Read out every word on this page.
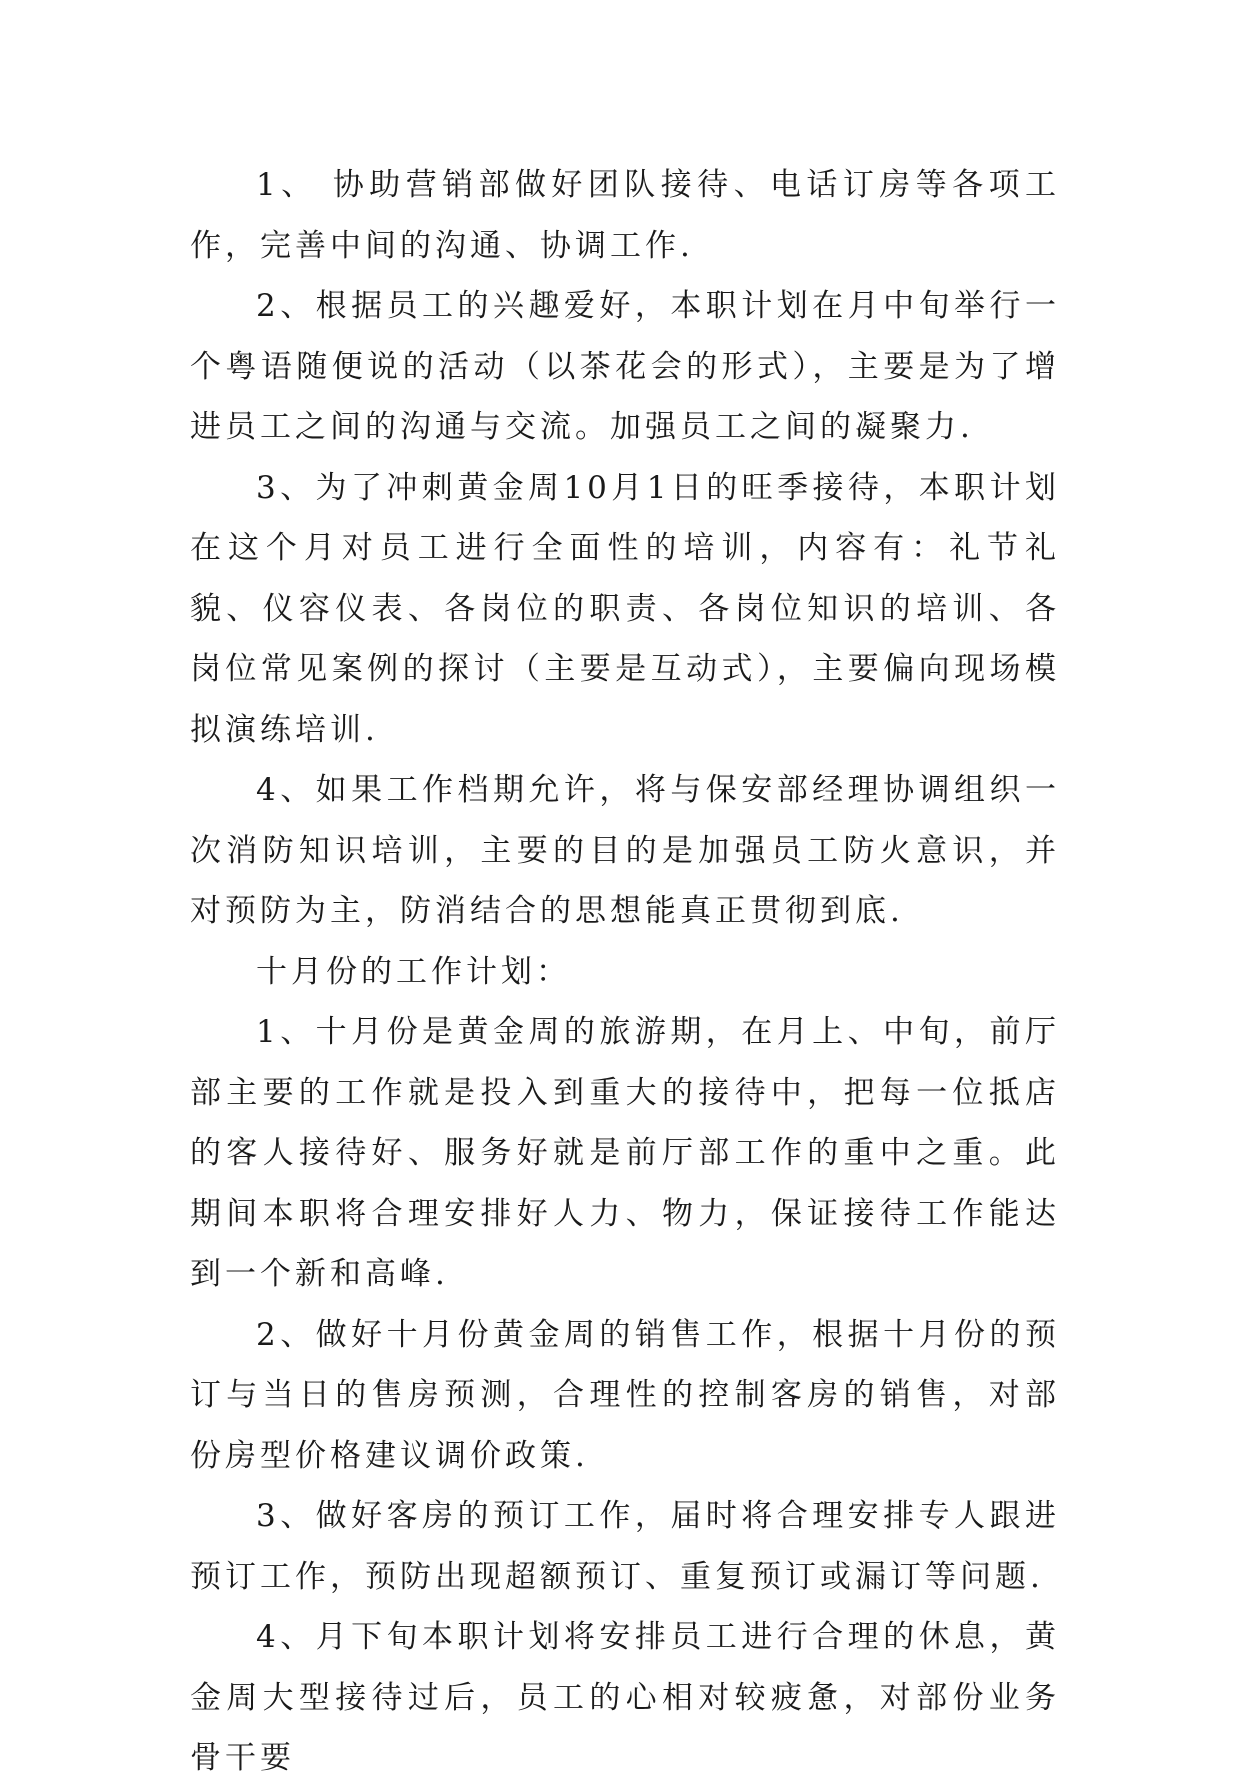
1、 协助营销部做好团队接待、电话订房等各项工作，完善中间的沟通、协调工作.

2、根据员工的兴趣爱好，本职计划在月中旬举行一个粤语随便说的活动（以茶花会的形式），主要是为了增进员工之间的沟通与交流。加强员工之间的凝聚力.

3、为了冲刺黄金周10月1日的旺季接待，本职计划在这个月对员工进行全面性的培训，内容有：礼节礼貌、仪容仪表、各岗位的职责、各岗位知识的培训、各岗位常见案例的探讨（主要是互动式），主要偏向现场模拟演练培训.

4、如果工作档期允许，将与保安部经理协调组织一次消防知识培训，主要的目的是加强员工防火意识，并对预防为主，防消结合的思想能真正贯彻到底.

十月份的工作计划：

1、十月份是黄金周的旅游期，在月上、中旬，前厅部主要的工作就是投入到重大的接待中，把每一位抵店的客人接待好、服务好就是前厅部工作的重中之重。此期间本职将合理安排好人力、物力，保证接待工作能达到一个新和高峰.

2、做好十月份黄金周的销售工作，根据十月份的预订与当日的售房预测，合理性的控制客房的销售，对部份房型价格建议调价政策.

3、做好客房的预订工作，届时将合理安排专人跟进预订工作，预防出现超额预订、重复预订或漏订等问题.

4、月下旬本职计划将安排员工进行合理的休息，黄金周大型接待过后，员工的心相对较疲惫，对部份业务骨干要
